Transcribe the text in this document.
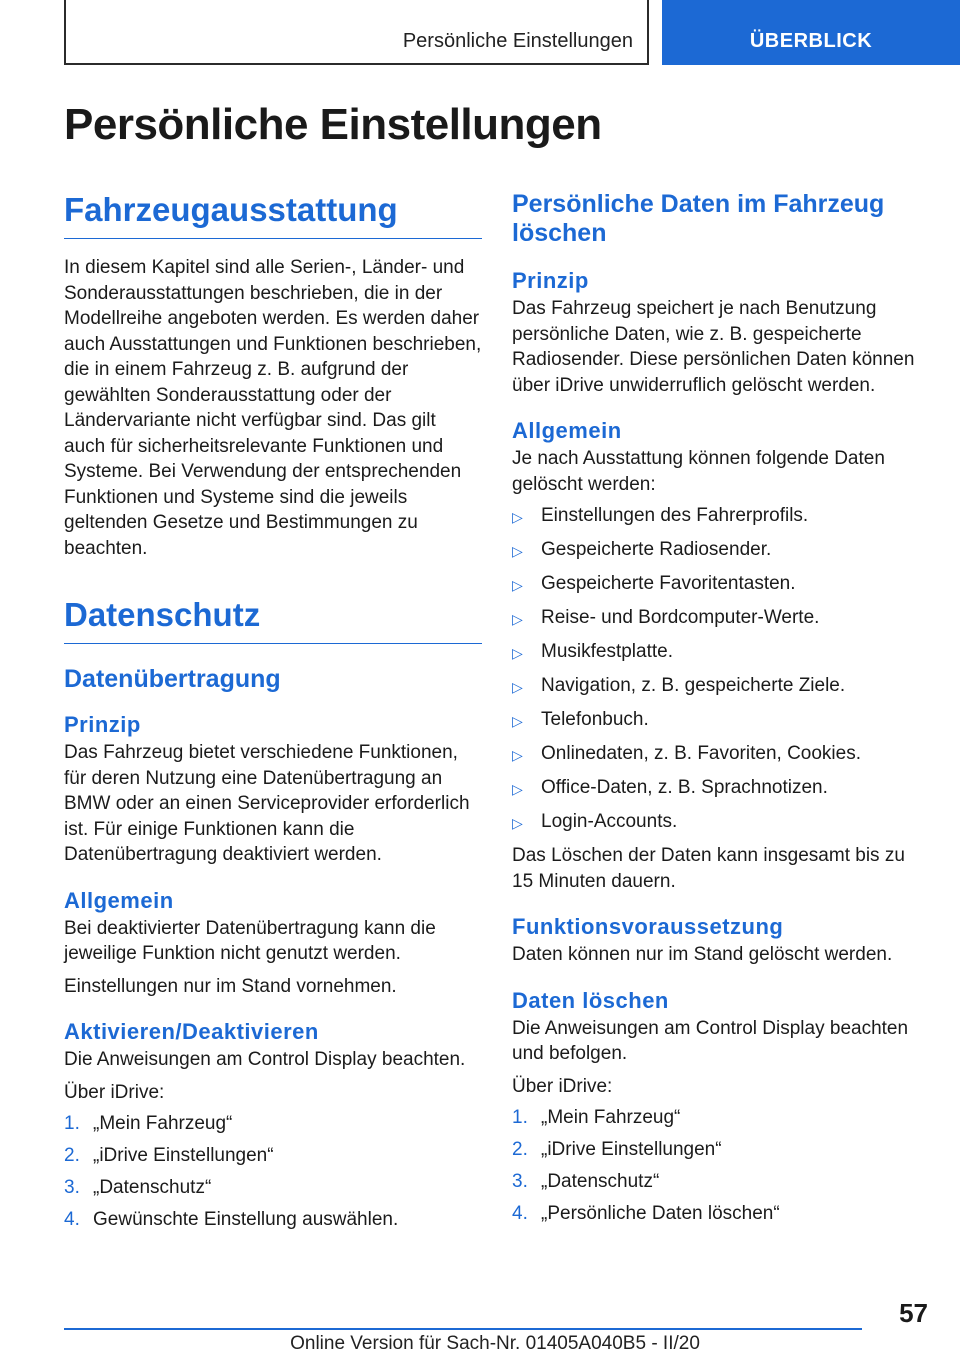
Persönliche Einstellungen	ÜBERBLICK
Persönliche Einstellungen
Fahrzeugausstattung

In diesem Kapitel sind alle Serien-, Länder- und Sonderausstattungen beschrieben, die in der Modellreihe angeboten werden. Es werden daher auch Ausstattungen und Funktionen beschrieben, die in einem Fahrzeug z. B. aufgrund der gewählten Sonderausstattung oder der Ländervariante nicht verfügbar sind. Das gilt auch für sicherheitsrelevante Funktionen und Systeme. Bei Verwendung der entsprechenden Funktionen und Systeme sind die jeweils geltenden Gesetze und Bestimmungen zu beachten.

Datenschutz
Datenübertragung
Prinzip

Das Fahrzeug bietet verschiedene Funktionen, für deren Nutzung eine Datenübertragung an BMW oder an einen Serviceprovider erforderlich ist. Für einige Funktionen kann die Datenübertragung deaktiviert werden.

Allgemein

Bei deaktivierter Datenübertragung kann die jeweilige Funktion nicht genutzt werden.

Einstellungen nur im Stand vornehmen.

Aktivieren/Deaktivieren

Die Anweisungen am Control Display beachten.

Über iDrive:

1. „Mein Fahrzeug“
2. „iDrive Einstellungen“
3. „Datenschutz“
4. Gewünschte Einstellung auswählen.
Persönliche Daten im Fahrzeug löschen
Prinzip

Das Fahrzeug speichert je nach Benutzung persönliche Daten, wie z. B. gespeicherte Radiosender. Diese persönlichen Daten können über iDrive unwiderruflich gelöscht werden.

Allgemein

Je nach Ausstattung können folgende Daten gelöscht werden:

▷ Einstellungen des Fahrerprofils.
▷ Gespeicherte Radiosender.
▷ Gespeicherte Favoritentasten.
▷ Reise- und Bordcomputer-Werte.
▷ Musikfestplatte.
▷ Navigation, z. B. gespeicherte Ziele.
▷ Telefonbuch.
▷ Onlinedaten, z. B. Favoriten, Cookies.
▷ Office-Daten, z. B. Sprachnotizen.
▷ Login-Accounts.

Das Löschen der Daten kann insgesamt bis zu 15 Minuten dauern.

Funktionsvoraussetzung

Daten können nur im Stand gelöscht werden.

Daten löschen

Die Anweisungen am Control Display beachten und befolgen.

Über iDrive:

1. „Mein Fahrzeug“
2. „iDrive Einstellungen“
3. „Datenschutz“
4. „Persönliche Daten löschen“
57
Online Version für Sach-Nr. 01405A040B5 - II/20
